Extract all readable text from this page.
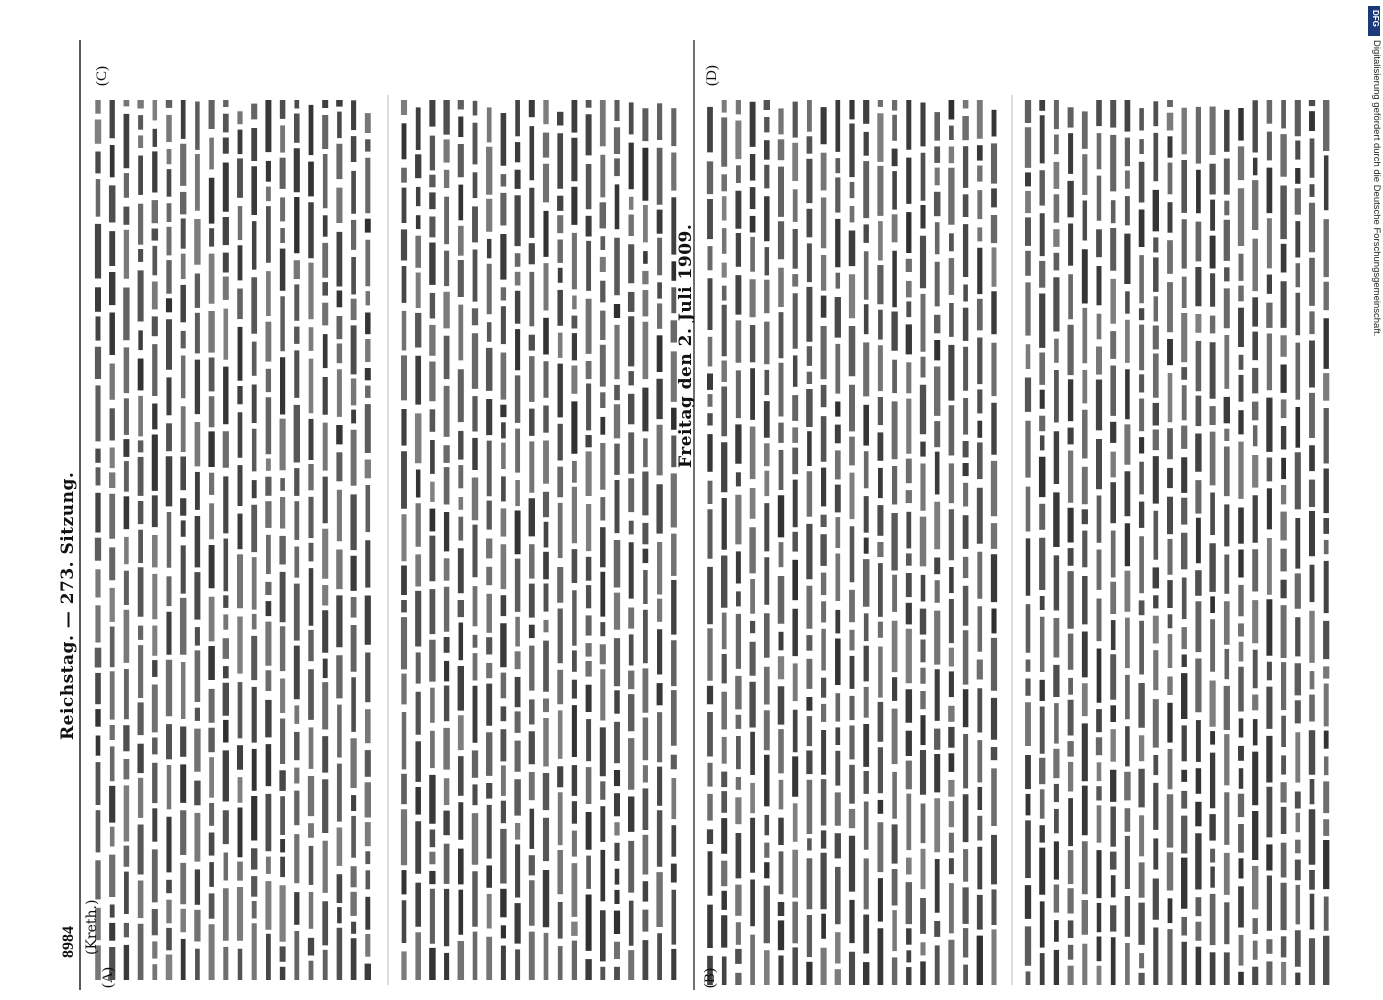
8984
Reichstag. — 273. Sitzung.
Freitag den 2. Juli 1909.
(A)	(B)
(C)	(D)
(Kreth.)
Digitalisierung gefördert durch die Deutsche Forschungsgemeinschaft.
DFG
